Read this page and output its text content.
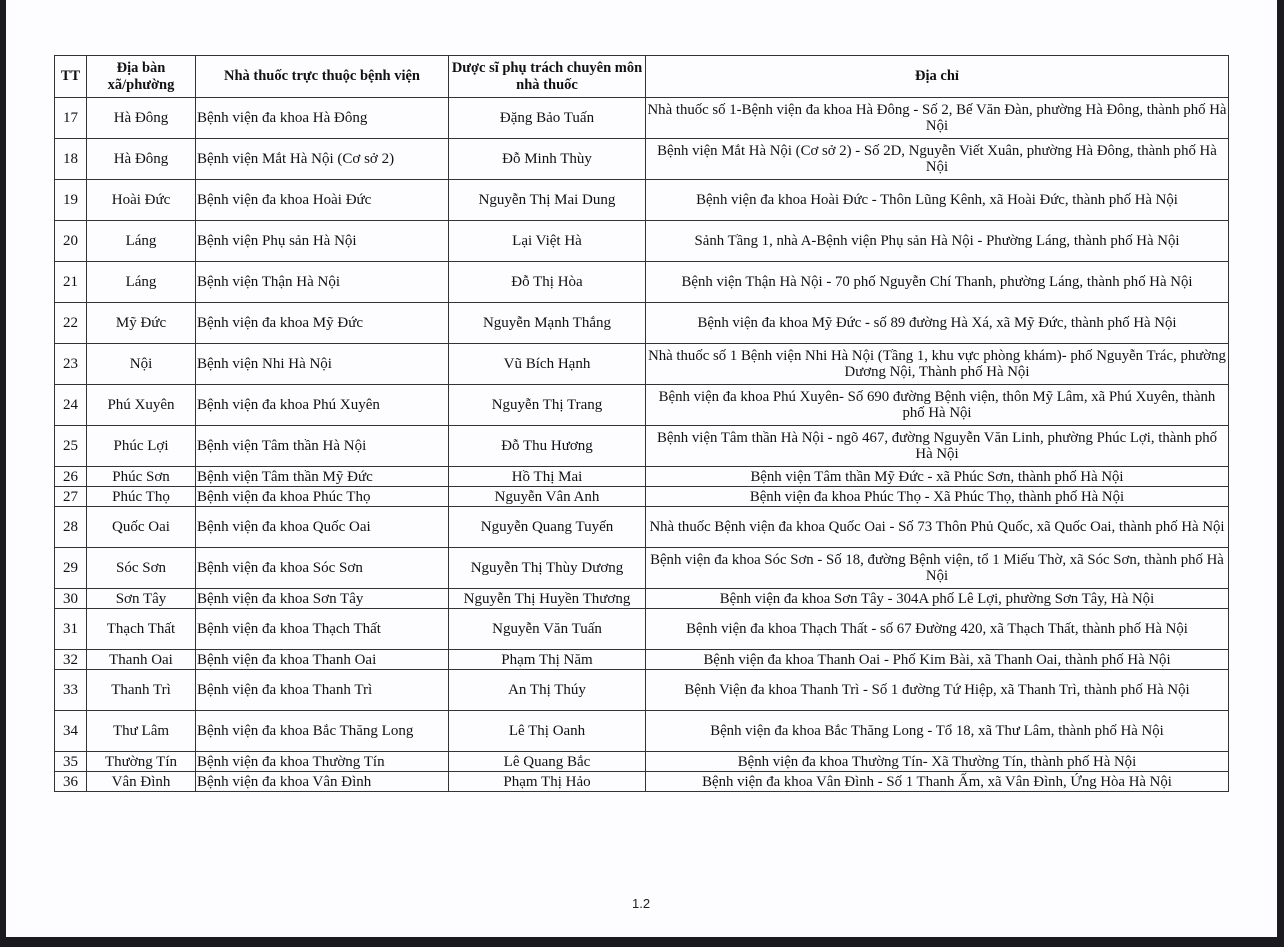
TT	Địa bàn xã/phường	Nhà thuốc trực thuộc bệnh viện	Dược sĩ phụ trách chuyên môn nhà thuốc	Địa chỉ
17	Hà Đông	Bệnh viện đa khoa Hà Đông	Đặng Bảo Tuấn	Nhà thuốc số 1-Bệnh viện đa khoa Hà Đông - Số 2, Bế Văn Đàn, phường Hà Đông, thành phố Hà Nội
18	Hà Đông	Bệnh viện Mắt Hà Nội (Cơ sở 2)	Đỗ Minh Thùy	Bệnh viện Mắt Hà Nội (Cơ sở 2) - Số 2D, Nguyễn Viết Xuân, phường Hà Đông, thành phố Hà Nội
19	Hoài Đức	Bệnh viện đa khoa Hoài Đức	Nguyễn Thị Mai Dung	Bệnh viện đa khoa Hoài Đức - Thôn Lũng Kênh, xã Hoài Đức, thành phố Hà Nội
20	Láng	Bệnh viện Phụ sản Hà Nội	Lại Việt Hà	Sảnh Tầng 1, nhà A-Bệnh viện Phụ sản Hà Nội - Phường Láng, thành phố Hà Nội
21	Láng	Bệnh viện Thận Hà Nội	Đỗ Thị Hòa	Bệnh viện Thận Hà Nội - 70 phố Nguyễn Chí Thanh, phường Láng, thành phố Hà Nội
22	Mỹ Đức	Bệnh viện đa khoa Mỹ Đức	Nguyễn Mạnh Thắng	Bệnh viện đa khoa Mỹ Đức - số 89 đường Hà Xá, xã Mỹ Đức, thành phố Hà Nội
23	Nội	Bệnh viện Nhi Hà Nội	Vũ Bích Hạnh	Nhà thuốc số 1 Bệnh viện Nhi Hà Nội (Tầng 1, khu vực phòng khám)- phố Nguyễn Trác, phường Dương Nội, Thành phố Hà Nội
24	Phú Xuyên	Bệnh viện đa khoa Phú Xuyên	Nguyễn Thị Trang	Bệnh viện đa khoa Phú Xuyên- Số 690 đường Bệnh viện, thôn Mỹ Lâm, xã Phú Xuyên, thành phố Hà Nội
25	Phúc Lợi	Bệnh viện Tâm thần Hà Nội	Đỗ Thu Hương	Bệnh viện Tâm thần Hà Nội - ngõ 467, đường Nguyễn Văn Linh, phường Phúc Lợi, thành phố Hà Nội
26	Phúc Sơn	Bệnh viện Tâm thần Mỹ Đức	Hồ Thị Mai	Bệnh viện Tâm thần Mỹ Đức - xã Phúc Sơn, thành phố Hà Nội
27	Phúc Thọ	Bệnh viện đa khoa Phúc Thọ	Nguyễn Vân Anh	Bệnh viện đa khoa Phúc Thọ - Xã Phúc Thọ, thành phố Hà Nội
28	Quốc Oai	Bệnh viện đa khoa Quốc Oai	Nguyễn Quang Tuyến	Nhà thuốc Bệnh viện đa khoa Quốc Oai - Số 73 Thôn Phủ Quốc, xã Quốc Oai, thành phố Hà Nội
29	Sóc Sơn	Bệnh viện đa khoa Sóc Sơn	Nguyễn Thị Thùy Dương	Bệnh viện đa khoa Sóc Sơn - Số 18, đường Bệnh viện, tổ 1 Miếu Thờ, xã Sóc Sơn, thành phố Hà Nội
30	Sơn Tây	Bệnh viện đa khoa Sơn Tây	Nguyễn Thị Huyền Thương	Bệnh viện đa khoa Sơn Tây - 304A phố Lê Lợi, phường Sơn Tây, Hà Nội
31	Thạch Thất	Bệnh viện đa khoa Thạch Thất	Nguyễn Văn Tuấn	Bệnh viện đa khoa Thạch Thất - số 67 Đường 420, xã Thạch Thất, thành phố Hà Nội
32	Thanh Oai	Bệnh viện đa khoa Thanh Oai	Phạm Thị Năm	Bệnh viện đa khoa Thanh Oai - Phố Kim Bài, xã Thanh Oai, thành phố Hà Nội
33	Thanh Trì	Bệnh viện đa khoa Thanh Trì	An Thị Thúy	Bệnh Viện đa khoa Thanh Trì - Số 1 đường Tứ Hiệp, xã Thanh Trì, thành phố Hà Nội
34	Thư Lâm	Bệnh viện đa khoa Bắc Thăng Long	Lê Thị Oanh	Bệnh viện đa khoa Bắc Thăng Long - Tổ 18, xã Thư Lâm, thành phố Hà Nội
35	Thường Tín	Bệnh viện đa khoa Thường Tín	Lê Quang Bắc	Bệnh viện đa khoa Thường Tín- Xã Thường Tín, thành phố Hà Nội
36	Vân Đình	Bệnh viện đa khoa Vân Đình	Phạm Thị Hảo	Bệnh viện đa khoa Vân Đình - Số 1 Thanh Ấm, xã Vân Đình, Ứng Hòa Hà Nội
1.2
